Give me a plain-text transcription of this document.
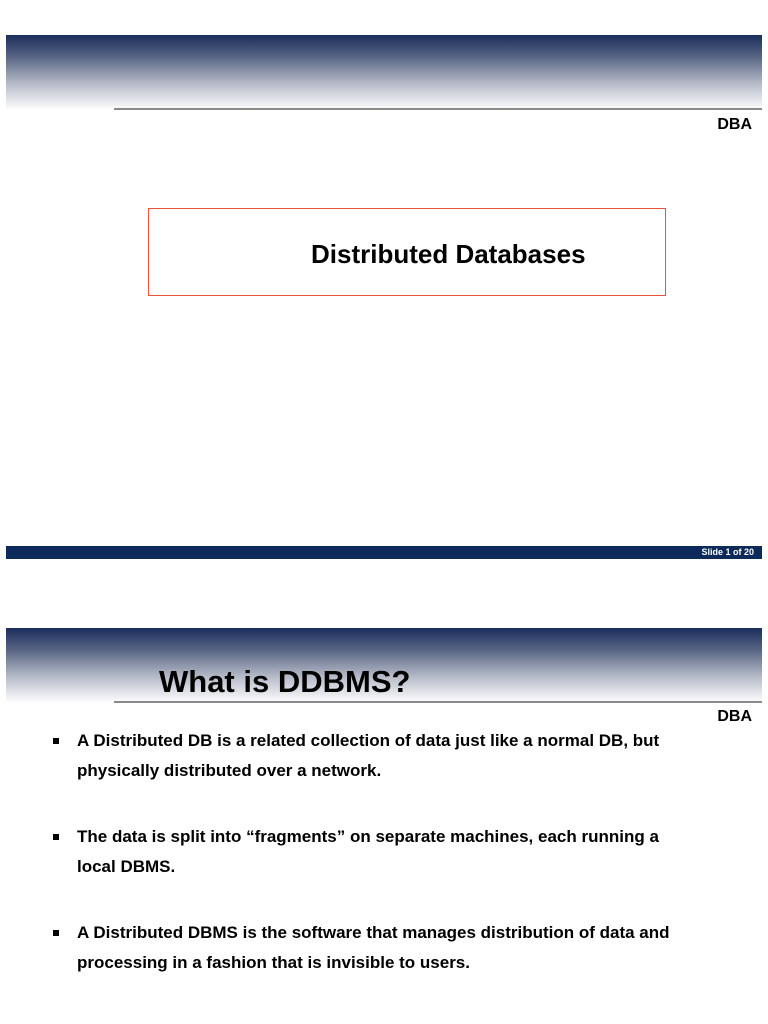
DBA
Distributed Databases
Slide 1 of 20
What is DDBMS?
DBA
A Distributed DB is a related collection of data just like a normal DB, but physically distributed over a network.
The data is split into “fragments” on separate machines, each running a local DBMS.
A Distributed DBMS is the software that manages distribution of data and processing in a fashion that is invisible to users.
